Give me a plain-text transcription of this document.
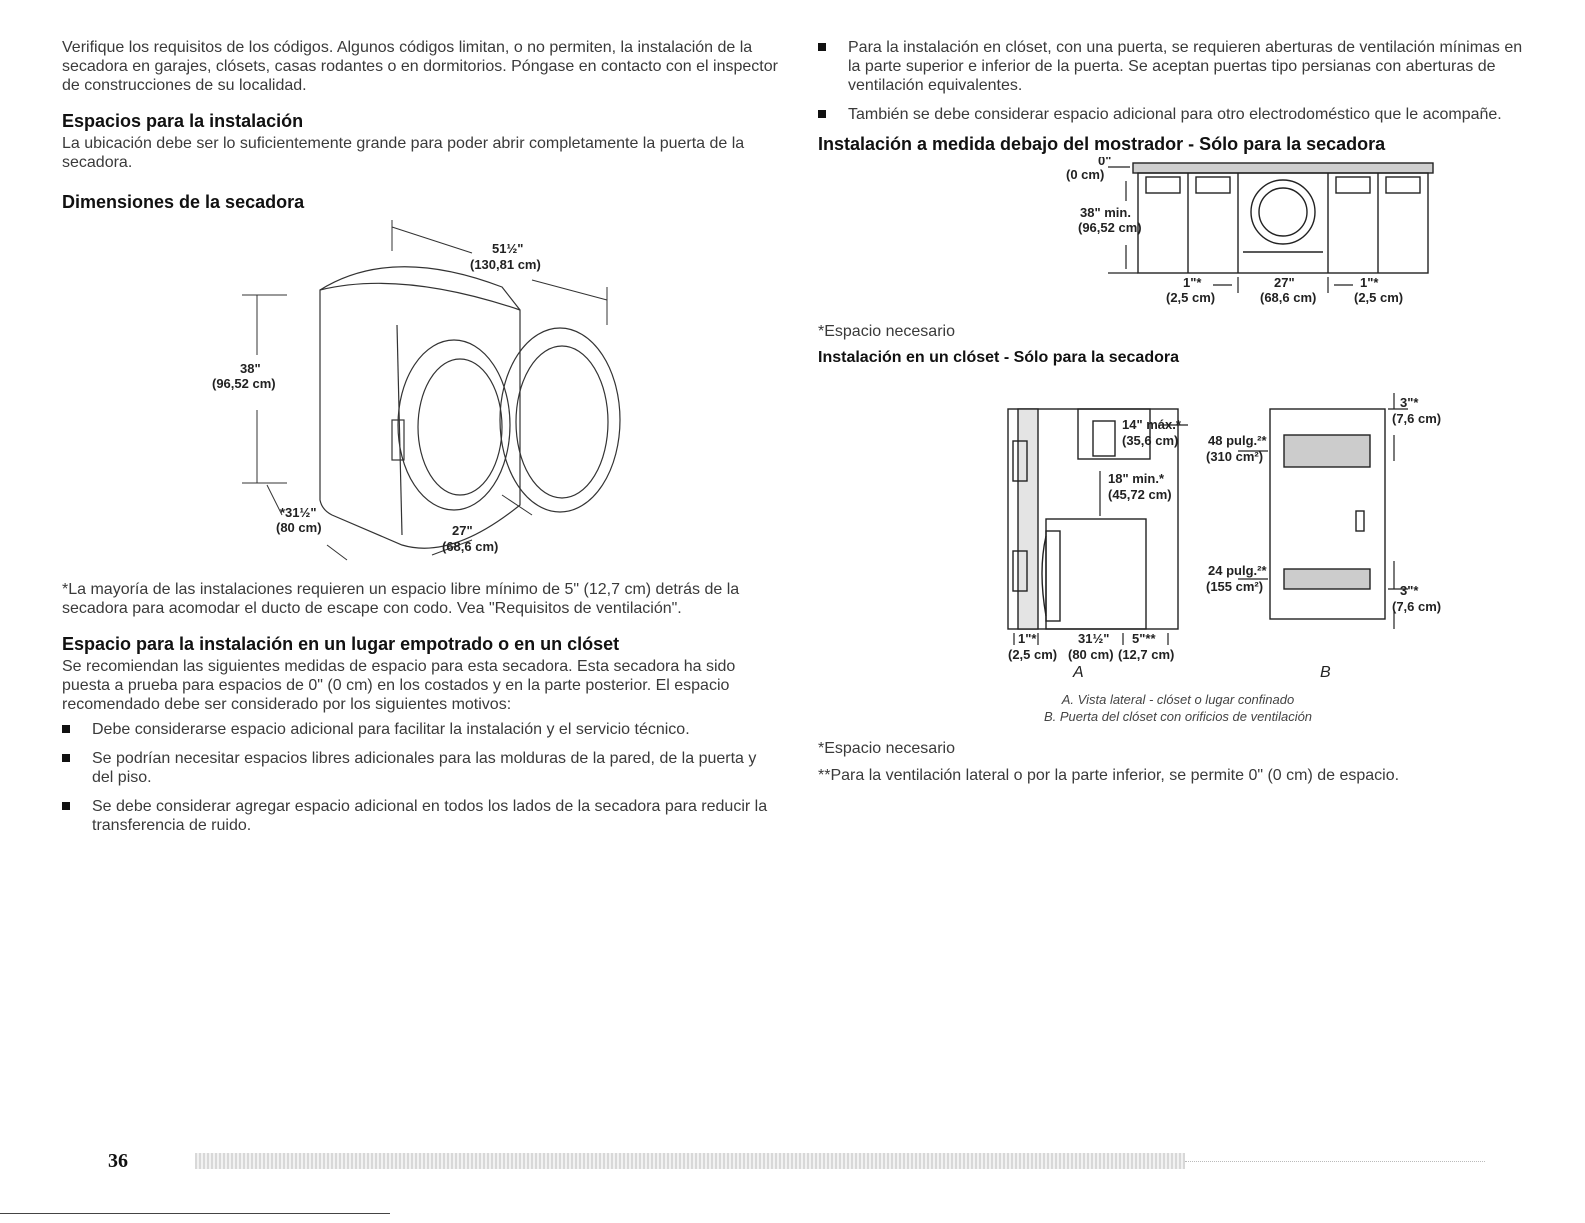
Verifique los requisitos de los códigos. Algunos códigos limitan, o no permiten, la instalación de la secadora en garajes, clósets, casas rodantes o en dormitorios. Póngase en contacto con el inspector de construcciones de su localidad.

Espacios para la instalación

La ubicación debe ser lo suficientemente grande para poder abrir completamente la puerta de la secadora.

Dimensiones de la secadora
51½"
(130,81 cm)
38"
(96,52 cm)
*31½"
(80 cm)	27"
(68,6 cm)

*La mayoría de las instalaciones requieren un espacio libre mínimo de 5" (12,7 cm) detrás de la secadora para acomodar el ducto de escape con codo. Vea "Requisitos de ventilación".

Espacio para la instalación en un lugar empotrado o en un clóset

Se recomiendan las siguientes medidas de espacio para esta secadora. Esta secadora ha sido puesta a prueba para espacios de 0" (0 cm) en los costados y en la parte posterior. El espacio recomendado debe ser considerado por los siguientes motivos:

Debe considerarse espacio adicional para facilitar la instalación y el servicio técnico.
Se podrían necesitar espacios libres adicionales para las molduras de la pared, de la puerta y del piso.
Se debe considerar agregar espacio adicional en todos los lados de la secadora para reducir la transferencia de ruido.
Para la instalación en clóset, con una puerta, se requieren aberturas de ventilación mínimas en la parte superior e inferior de la puerta. Se aceptan puertas tipo persianas con aberturas de ventilación equivalentes.
También se debe considerar espacio adicional para otro electrodoméstico que le acompañe.
Instalación a medida debajo del mostrador - Sólo para la secadora
0"
(0 cm)
38" min.
(96,52 cm)
1"*
(2,5 cm)
27"
(68,6 cm)
1"*
(2,5 cm)

*Espacio necesario

Instalación en un clóset - Sólo para la secadora
14" máx.*
(35,6 cm)
18" min.*
(45,72 cm)
48 pulg.²*
(310 cm²)
24 pulg.²*
(155 cm²)
3"*
(7,6 cm)
3"*
(7,6 cm)
1"*
(2,5 cm)
31½"
(80 cm)
5"**
(12,7 cm)
A	B
A. Vista lateral - clóset o lugar confinado
B. Puerta del clóset con orificios de ventilación

*Espacio necesario

**Para la ventilación lateral o por la parte inferior, se permite 0" (0 cm) de espacio.

36
